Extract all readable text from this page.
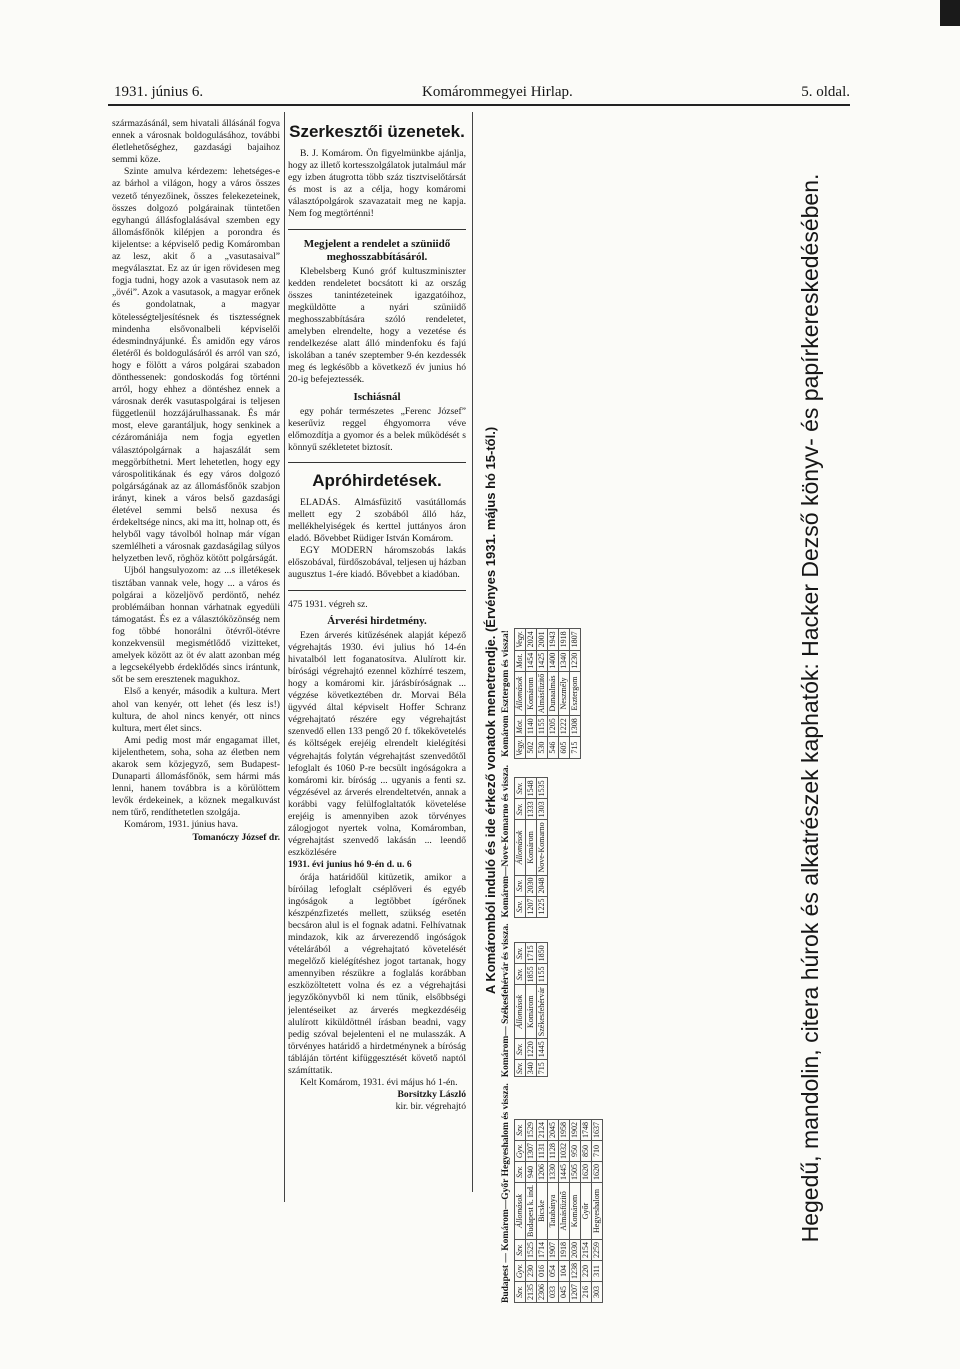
1931. június 6.	Komárommegyei Hirlap.	5. oldal.

származásánál, sem hivatali állásánál fogva ennek a városnak boldogulásához, további életlehetőséghez, gazdasági bajaihoz semmi köze.

Szinte amulva kérdezem: lehetséges-e az bárhol a világon, hogy a város összes vezető tényezőinek, összes felekezeteinek, összes dolgozó polgárainak tüntetően egyhangú állásfoglalásával szemben egy állomásfőnök kilépjen a porondra és kijelentse: a képviselő pedig Komáromban az lesz, akit ő a „vasutasaival” megválasztat. Ez az úr igen rövidesen meg fogja tudni, hogy azok a vasutasok nem az „övéi”. Azok a vasutasok, a magyar erőnek és gondolatnak, a magyar kötelességteljesítésnek és tisztességnek mindenha elsővonalbeli képviselői édesmindnyájunké. És amidőn egy város életéről és boldogulásáról és arról van szó, hogy e fölött a város polgárai szabadon dönthessenek: gondoskodás fog történni arról, hogy ehhez a döntéshez ennek a városnak derék vasutaspolgárai is teljesen függetlenül hozzájárulhassanak. És már most, eleve garantáljuk, hogy senkinek a cézáromániája nem fogja egyetlen választópolgárnak a hajaszálát sem meggörbíthetni. Mert lehetetlen, hogy egy várospolitikának és egy város dolgozó polgárságának az az állomásfőnök szabjon irányt, kinek a város belső gazdasági életével semmi belső nexusa és érdekeltsége nincs, aki ma itt, holnap ott, és helyből vagy távolból holnap már vígan szemlélheti a városnak gazdaságilag súlyos helyzetben levő, röghöz kötött polgárságát.

Ujból hangsulyozom: az ...s illetékesek tisztában vannak vele, hogy ... a város és polgárai a közeljövő perdöntő, nehéz problémáiban honnan várhatnak egyedüli támogatást. És ez a választóközönség nem fog többé honorálni ötévről-ötévre konzekvensül megismétlődő vizitteket, amelyek között az öt év alatt azonban még a legcsekélyebb érdeklődés sincs irántunk, sőt be sem eresztenek magukhoz.

Első a kenyér, második a kultura. Mert ahol van kenyér, ott lehet (és lesz is!) kultura, de ahol nincs kenyér, ott nincs kultura, mert élet sincs.

Ami pedig most már engagamat illet, kijelenthetem, soha, soha az életben nem akarok sem közjegyző, sem Budapest-Dunaparti állomásfőnök, sem hármi más lenni, hanem továbbra is a körülöttem levők érdekeinek, a köznek megalkuvást nem tűrő, rendíthetetlen szolgája.

Komárom, 1931. június hava.

Tomanóczy József dr.
Szerkesztői üzenetek.

B. J. Komárom. Ön figyelmünkbe ajánlja, hogy az illető kortesszolgálatok jutalmául már egy izben átugrotta több száz tisztviselőtársát és most is az a célja, hogy komáromi választópolgárok szavazatait meg ne kapja. Nem fog megtörténni!

Megjelent a rendelet a szüniidő meghosszabbításáról.

Klebelsberg Kunó gróf kultuszminiszter kedden rendeletet bocsátott ki az ország összes tanintézeteinek igazgatóihoz, megküldötte a nyári szüniidő meghosszabbítására szóló rendeletet, amelyben elrendelte, hogy a vezetése és rendelkezése alatt álló mindenfoku és fajú iskolában a tanév szeptember 9-én kezdessék meg és legkésőbb a következő év junius hó 20-ig befejeztessék.

Ischiásnál

egy pohár természetes „Ferenc József” keserűviz reggel éhgyomorra véve előmozdítja a gyomor és a belek működését s könnyű székletetet biztosít.

Apróhirdetések.

ELADÁS. Almásfüzitő vasútállomás mellett egy 2 szobából álló ház, mellékhelyiségek és kerttel juttányos áron eladó. Bővebbet Rüdiger István Komárom.

EGY MODERN háromszobás lakás előszobával, fürdőszobával, teljesen uj házban augusztus 1-ére kiadó. Bővebbet a kiadóban.

475 1931. végreh sz.

Árverési hirdetmény.

Ezen árverés kitűzésének alapját képező végrehajtás 1930. évi julius hó 14-én hivatalból lett foganatosítva. Alulírott kir. bírósági végrehajtó ezennel közhírré teszem, hogy a komáromi kir. járásbíróságnak ... végzése következtében dr. Morvai Béla ügyvéd által képviselt Hoffer Schranz végrehajtató részére egy végrehajtást szenvedő ellen 133 pengő 20 f. tőkekövetelés és költségek erejéig elrendelt kielégítési végrehajtás folytán végrehajtást szenvedőtől lefoglalt és 1060 P-re becsült ingóságokra a komáromi kir. bíróság ... ugyanis a fenti sz. végzésével az árverés elrendeltetvén, annak a korábbi vagy felülfoglaltatók követelése erejéig is amennyiben azok törvényes zálogjogot nyertek volna, Komáromban, végrehajtást szenvedő lakásán ... leendő eszközlésére

1931. évi junius hó 9-én d. u. 6

órája határidőül kitüzetik, amikor a bíróilag lefoglalt cséplőveri és egyéb ingóságok a legtöbbet ígérőnek készpénzfizetés mellett, szükség esetén becsáron alul is el fognak adatni. Felhívatnak mindazok, kik az árverezendő ingóságok vételárából a végrehajtató követelését megelőző kielégítéshez jogot tartanak, hogy amennyiben részükre a foglalás korábban eszközöltetett volna és ez a végrehajtási jegyzőkönyvből ki nem tűnik, elsőbbségi jelentéseiket az árverés megkezdéséig alulírott kiküldöttnél írásban beadni, vagy pedig szóval bejelenteni el ne mulasszák. A törvényes határidő a hirdetménynek a bíróság tábláján történt kifüggesztését követő naptól számíttatik.

Kelt Komárom, 1931. évi május hó 1-én.

Borsitzky László
kir. bir. végrehajtó
A Komáromból induló és ide érkező vonatok menetrendje. (Érvényes 1931. május hó 15-től.)
Budapest — Komárom—Győr Hegyeshalom és vissza. Szv.	Gyv.	Szv.	Állomások	Szv.	Gyv.	Szv.
2135	230	1525	Budapest k. ind.	940	1307	1529
2306	016	1714	Bicske	1206	1131	2124
033	054	1907	Tatabánya	1330	1128	2045
045	104	1918	Almásfüzitő	1445	1032	1958
1207	1238	2030	Komárom	1505	950	1902
216	220	2154	Győr	1620	850	1748
303	311	2259	Hegyeshalom	1620	710	1637
Komárom— Székesfehérvár és vissza. Szv.	Szv.	Állomások	Szv.	Szv.
340	1220	Komárom	1855	1715
715	1445	Székesfehérvár	1155	1850
Komárom—Nove-Komarno és vissza. Szv.	Szv.	Állomások	Szv.	Szv.
1207	2030	Komárom	1333	1548
1225	2048	Nove-Komarno	1303	1535
Komárom Esztergom és vissza! Vegy.	Mot.	Állomások	Mot.	Vegy.
502	1140	Komárom	1454	2024
530	1155	Almásfüzitő	1425	2001
546	1205	Dunaalmás	1400	1943
605	1222	Neszmély	1340	1918
715	1308	Esztergom	1230	1807	Hegedű, mandolin, citera húrok és alkatrészek kaphatók: Hacker Dezső könyv- és papírkereskedésében.
